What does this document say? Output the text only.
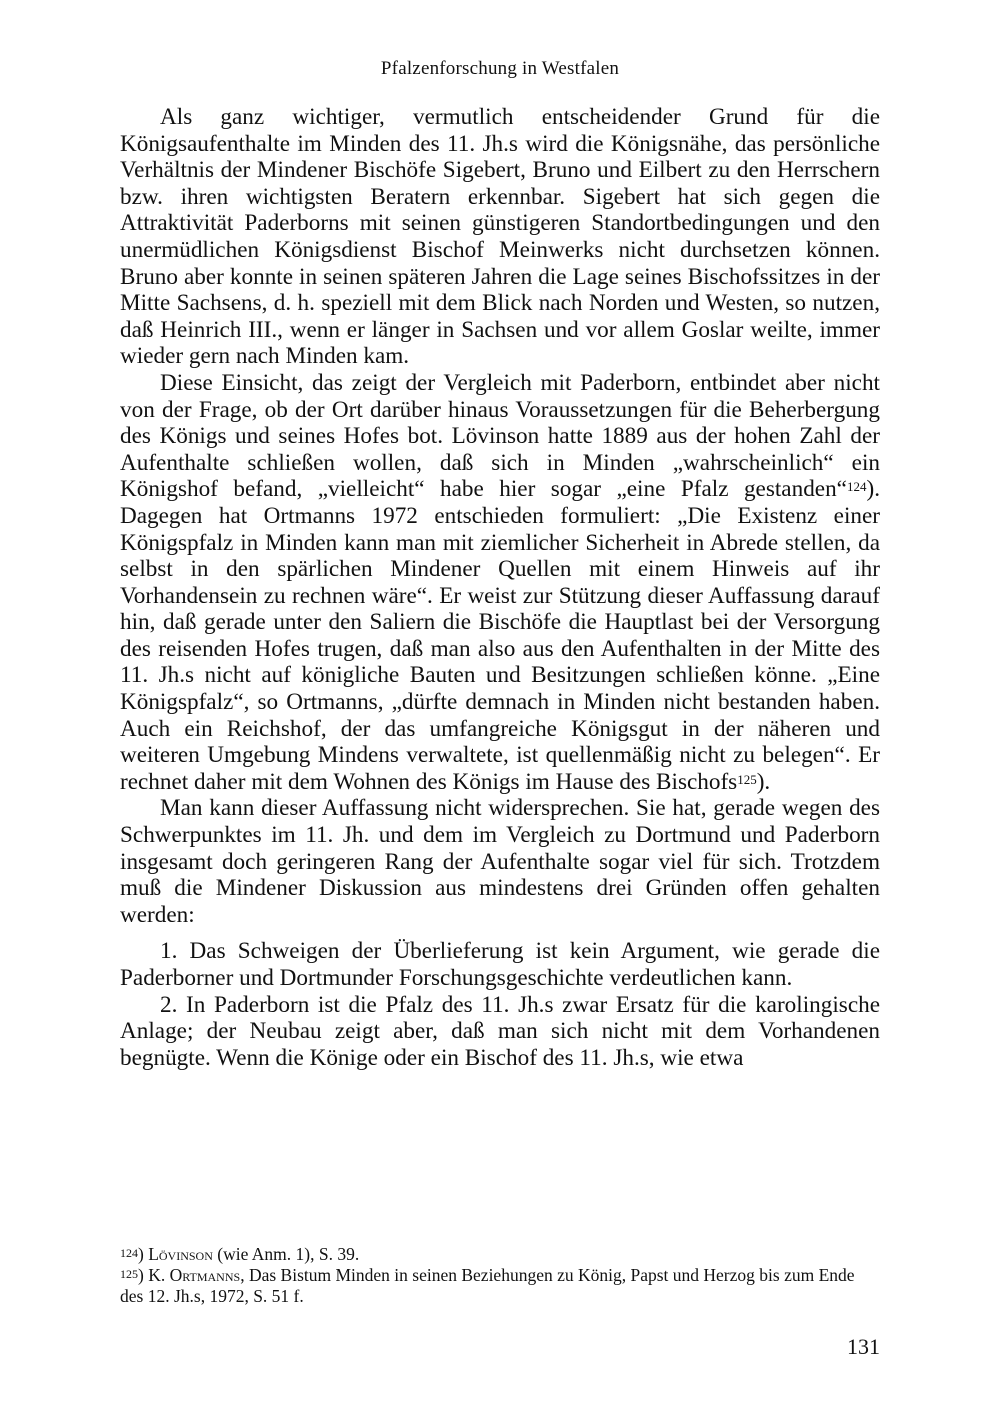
Pfalzenforschung in Westfalen

Als ganz wichtiger, vermutlich entscheidender Grund für die Königsaufenthalte im Minden des 11. Jh.s wird die Königsnähe, das persönliche Verhältnis der Mindener Bischöfe Sigebert, Bruno und Eilbert zu den Herrschern bzw. ihren wichtigsten Beratern erkennbar. Sigebert hat sich gegen die Attraktivität Paderborns mit seinen günstigeren Standortbedingungen und den unermüdlichen Königsdienst Bischof Meinwerks nicht durchsetzen können. Bruno aber konnte in seinen späteren Jahren die Lage seines Bischofssitzes in der Mitte Sachsens, d. h. speziell mit dem Blick nach Norden und Westen, so nutzen, daß Heinrich III., wenn er länger in Sachsen und vor allem Goslar weilte, immer wieder gern nach Minden kam.

Diese Einsicht, das zeigt der Vergleich mit Paderborn, entbindet aber nicht von der Frage, ob der Ort darüber hinaus Voraussetzungen für die Beherbergung des Königs und seines Hofes bot. Lövinson hatte 1889 aus der hohen Zahl der Aufenthalte schließen wollen, daß sich in Minden „wahrscheinlich“ ein Königshof befand, „vielleicht“ habe hier sogar „eine Pfalz gestanden“$^{124}$). Dagegen hat Ortmanns 1972 entschieden formuliert: „Die Existenz einer Königspfalz in Minden kann man mit ziemlicher Sicherheit in Abrede stellen, da selbst in den spärlichen Mindener Quellen mit einem Hinweis auf ihr Vorhandensein zu rechnen wäre“. Er weist zur Stützung dieser Auffassung darauf hin, daß gerade unter den Saliern die Bischöfe die Hauptlast bei der Versorgung des reisenden Hofes trugen, daß man also aus den Aufenthalten in der Mitte des 11. Jh.s nicht auf königliche Bauten und Besitzungen schließen könne. „Eine Königspfalz“, so Ortmanns, „dürfte demnach in Minden nicht bestanden haben. Auch ein Reichshof, der das umfangreiche Königsgut in der näheren und weiteren Umgebung Mindens verwaltete, ist quellenmäßig nicht zu belegen“. Er rechnet daher mit dem Wohnen des Königs im Hause des Bischofs$^{125}$).

Man kann dieser Auffassung nicht widersprechen. Sie hat, gerade wegen des Schwerpunktes im 11. Jh. und dem im Vergleich zu Dortmund und Paderborn insgesamt doch geringeren Rang der Aufenthalte sogar viel für sich. Trotzdem muß die Mindener Diskussion aus mindestens drei Gründen offen gehalten werden:

1. Das Schweigen der Überlieferung ist kein Argument, wie gerade die Paderborner und Dortmunder Forschungsgeschichte verdeutlichen kann.

2. In Paderborn ist die Pfalz des 11. Jh.s zwar Ersatz für die karolingische Anlage; der Neubau zeigt aber, daß man sich nicht mit dem Vorhandenen begnügte. Wenn die Könige oder ein Bischof des 11. Jh.s, wie etwa

$^{124}$) Lövinson (wie Anm. 1), S. 39.

$^{125}$) K. Ortmanns, Das Bistum Minden in seinen Beziehungen zu König, Papst und Herzog bis zum Ende des 12. Jh.s, 1972, S. 51 f.

131
